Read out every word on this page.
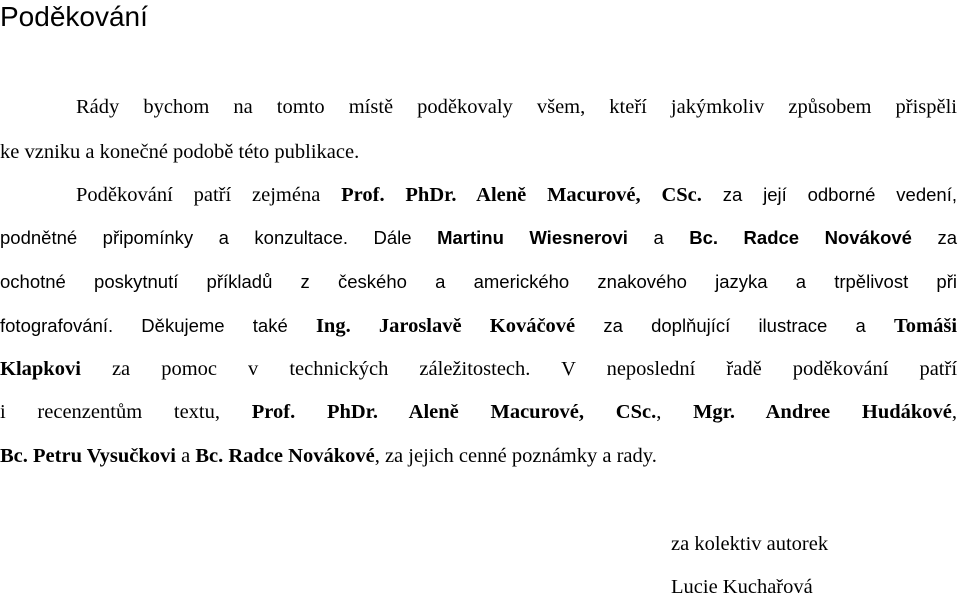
Poděkování

Rády bychom na tomto místě poděkovaly všem, kteří jakýmkoliv způsobem přispěli

ke vzniku a konečné podobě této publikace.

Poděkování patří zejména Prof. PhDr. Aleně Macurové, CSc. za její odborné vedení,

podnětné připomínky a konzultace. Dále Martinu Wiesnerovi a Bc. Radce Novákové za

ochotné poskytnutí příkladů z českého a amerického znakového jazyka a trpělivost při

fotografování. Děkujeme také Ing. Jaroslavě Kováčové za doplňující ilustrace a Tomáši

Klapkovi za pomoc v technických záležitostech. V neposlední řadě poděkování patří

i recenzentům textu, Prof. PhDr. Aleně Macurové, CSc., Mgr. Andree Hudákové,

Bc. Petru Vysučkovi a Bc. Radce Novákové, za jejich cenné poznámky a rady.

za kolektiv autorek

Lucie Kuchařová
